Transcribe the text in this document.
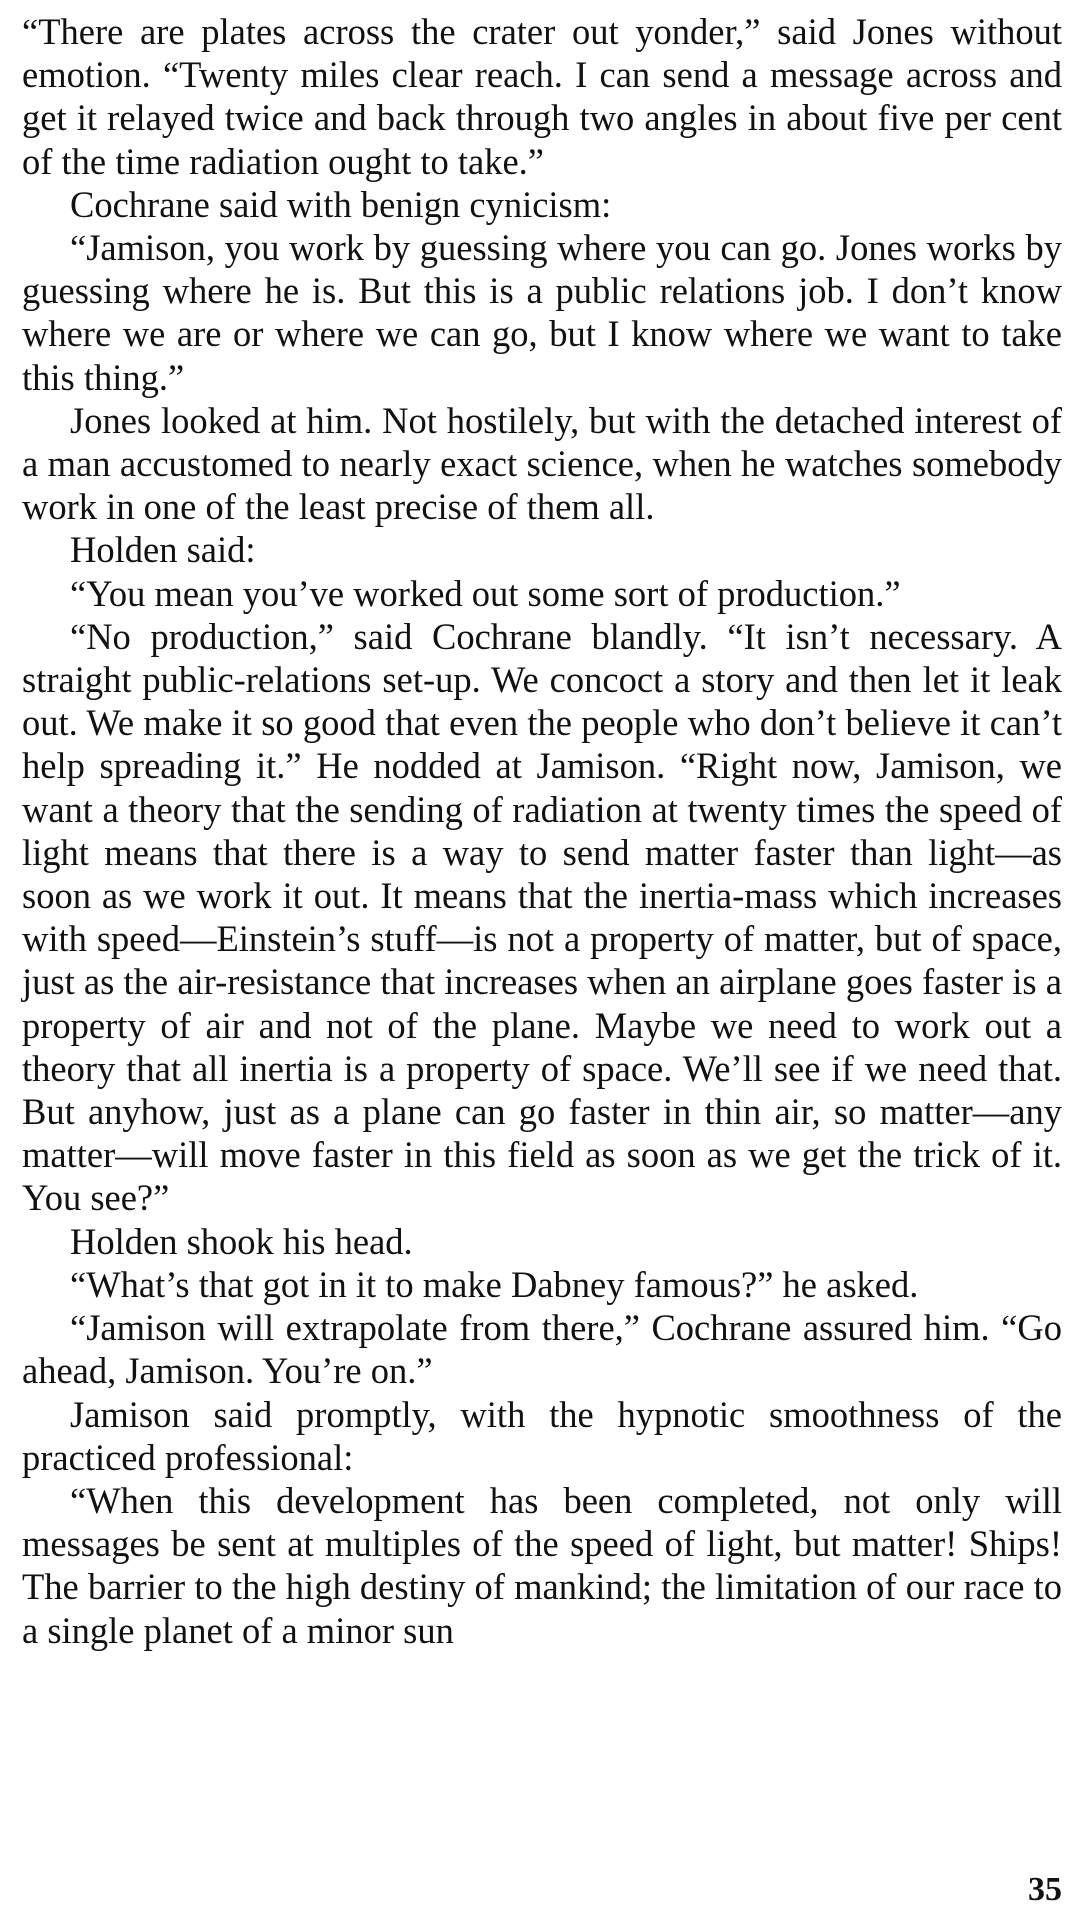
“There are plates across the crater out yonder,” said Jones without emotion. “Twenty miles clear reach. I can send a message across and get it relayed twice and back through two angles in about five per cent of the time radiation ought to take.”

Cochrane said with benign cynicism:

“Jamison, you work by guessing where you can go. Jones works by guessing where he is. But this is a public relations job. I don’t know where we are or where we can go, but I know where we want to take this thing.”

Jones looked at him. Not hostilely, but with the detached interest of a man accustomed to nearly exact science, when he watches somebody work in one of the least precise of them all.

Holden said:

“You mean you’ve worked out some sort of production.”

“No production,” said Cochrane blandly. “It isn’t necessary. A straight public-relations set-up. We concoct a story and then let it leak out. We make it so good that even the people who don’t believe it can’t help spreading it.” He nodded at Jamison. “Right now, Jamison, we want a theory that the sending of radiation at twenty times the speed of light means that there is a way to send matter faster than light—as soon as we work it out. It means that the inertia-mass which increases with speed—Einstein’s stuff—is not a property of matter, but of space, just as the air-resistance that increases when an airplane goes faster is a property of air and not of the plane. Maybe we need to work out a theory that all inertia is a property of space. We’ll see if we need that. But anyhow, just as a plane can go faster in thin air, so matter—any matter—will move faster in this field as soon as we get the trick of it. You see?”

Holden shook his head.

“What’s that got in it to make Dabney famous?” he asked.

“Jamison will extrapolate from there,” Cochrane assured him. “Go ahead, Jamison. You’re on.”

Jamison said promptly, with the hypnotic smoothness of the practiced professional:

“When this development has been completed, not only will messages be sent at multiples of the speed of light, but matter! Ships! The barrier to the high destiny of mankind; the limitation of our race to a single planet of a minor sun

35
